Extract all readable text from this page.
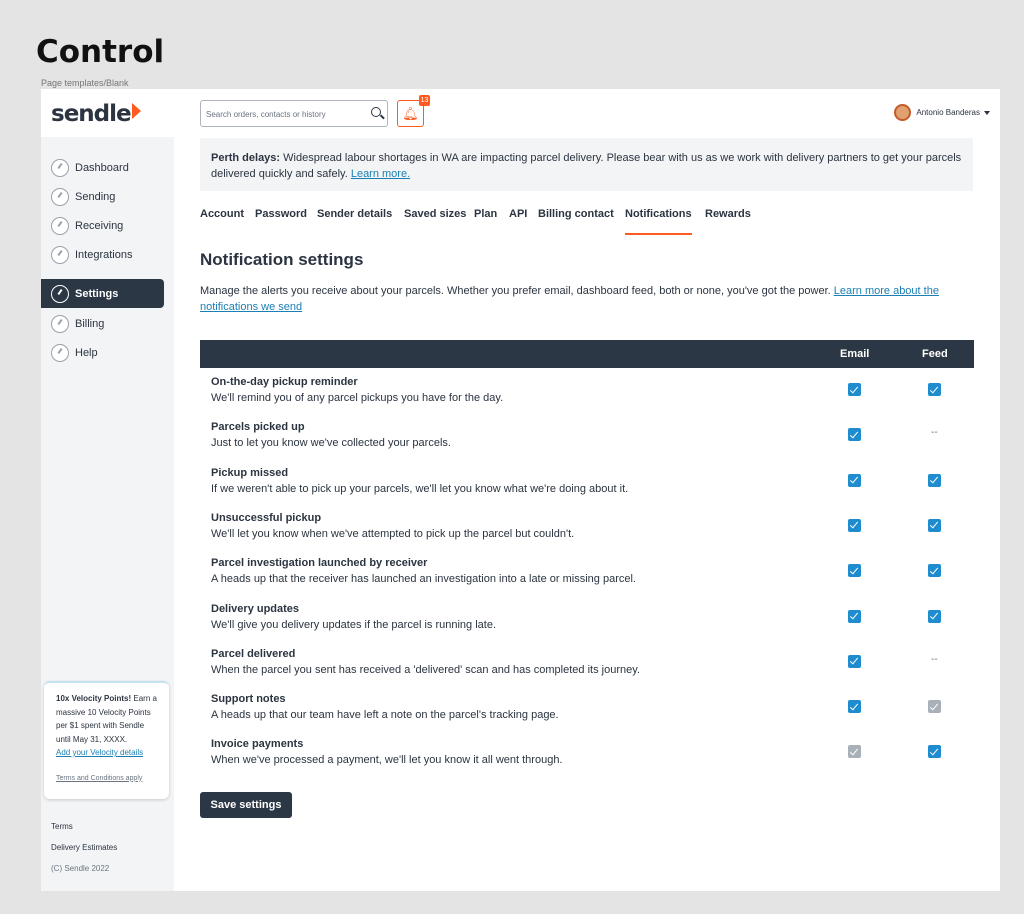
Control
Page templates/Blank
sendle
Dashboard
Sending
Receiving
Integrations
Settings
Billing
Help
10x Velocity Points! Earn a massive 10 Velocity Points per $1 spent with Sendle until May 31, XXXX.
Add your Velocity details
Terms and Conditions apply
Terms
Delivery Estimates
(C) Sendle 2022
Search orders, contacts or history	🔔︎
13
Antonio Banderas
Perth delays: Widespread labour shortages in WA are impacting parcel delivery. Please bear with us as we work with delivery partners to get your parcels delivered quickly and safely. Learn more.
Account Password Sender details Saved sizes Plan API Billing contact Notifications Rewards
Notification settings
Manage the alerts you receive about your parcels. Whether you prefer email, dashboard feed, both or none, you've got the power. Learn more about the notifications we send
Email	Feed
On-the-day pickup reminder
We'll remind you of any parcel pickups you have for the day.
Parcels picked up
Just to let you know we've collected your parcels.
--
Pickup missed
If we weren't able to pick up your parcels, we'll let you know what we're doing about it.
Unsuccessful pickup
We'll let you know when we've attempted to pick up the parcel but couldn't.
Parcel investigation launched by receiver
A heads up that the receiver has launched an investigation into a late or missing parcel.
Delivery updates
We'll give you delivery updates if the parcel is running late.
Parcel delivered
When the parcel you sent has received a 'delivered' scan and has completed its journey.
--
Support notes
A heads up that our team have left a note on the parcel's tracking page.
Invoice payments
When we've processed a payment, we'll let you know it all went through.
Save settings
